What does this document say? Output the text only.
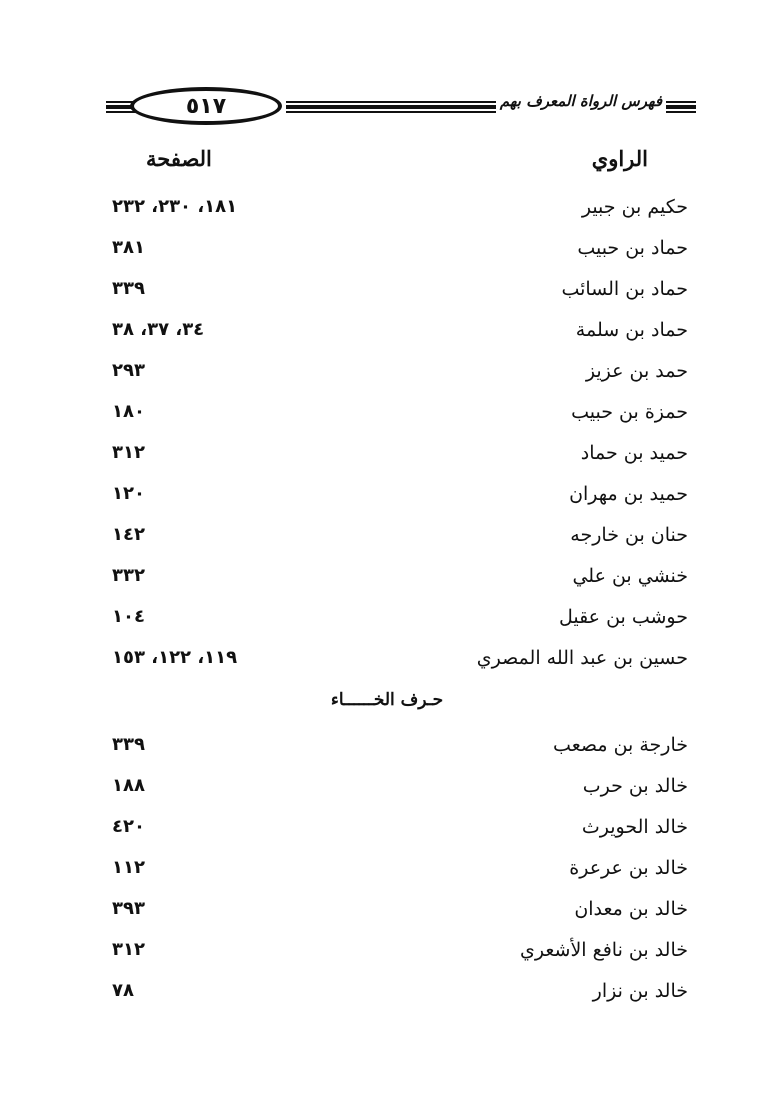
٥١٧	فهرس الرواة المعرف بهم
الراوي
الصفحة
حكيم بن جبير
١٨١، ٢٣٠، ٢٣٢
حماد بن حبيب
٣٨١
حماد بن السائب
٣٣٩
حماد بن سلمة
٣٤، ٣٧، ٣٨
حمد بن عزيز
٢٩٣
حمزة بن حبيب
١٨٠
حميد بن حماد
٣١٢
حميد بن مهران
١٢٠
حنان بن خارجه
١٤٢
خنشي بن علي
٣٣٢
حوشب بن عقيل
١٠٤
حسين بن عبد الله المصري
١١٩، ١٢٢، ١٥٣
حـرف الخــــــاء
خارجة بن مصعب
٣٣٩
خالد بن حرب
١٨٨
خالد الحويرث
٤٢٠
خالد بن عرعرة
١١٢
خالد بن معدان
٣٩٣
خالد بن نافع الأشعري
٣١٢
خالد بن نزار
٧٨
